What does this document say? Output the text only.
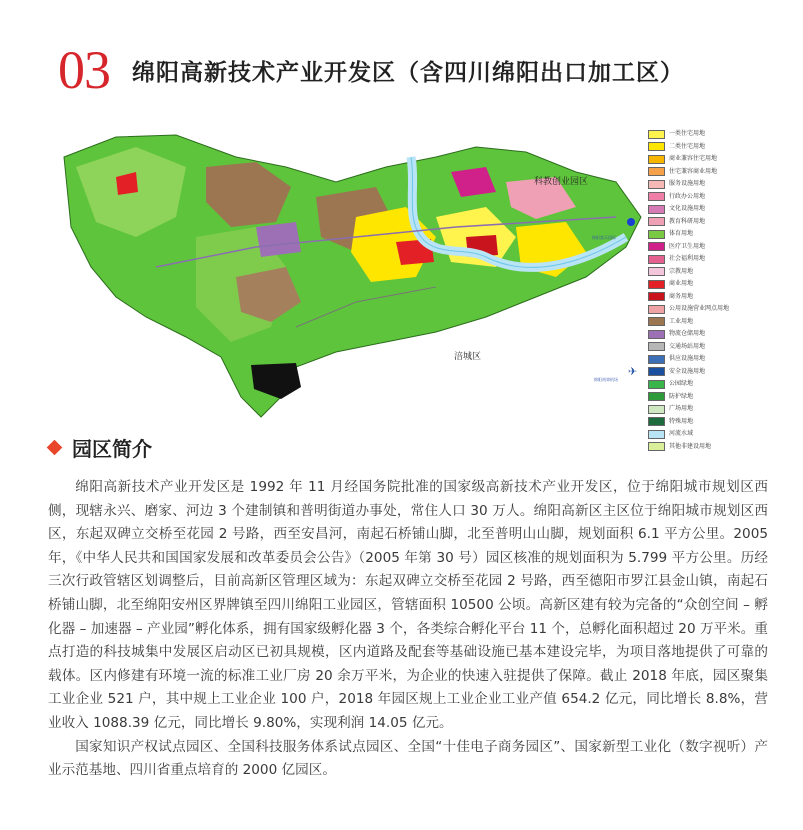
03 绵阳高新技术产业开发区（含四川绵阳出口加工区）
科教创业园区
涪城区
绵阳富乐国际
绵阳南郊机场
✈
一类住宅用地
二类住宅用地
商业兼容住宅用地
住宅兼容商业用地
服务设施用地
行政办公用地
文化设施用地
教育科研用地
体育用地
医疗卫生用地
社会福利用地
宗教用地
商业用地
商务用地
公用设施营业网点用地
工业用地
物流仓储用地
交通场站用地
供应设施用地
安全设施用地
公园绿地
防护绿地
广场用地
特殊用地
河流水域
其他非建设用地
园区简介

绵阳高新技术产业开发区是 1992 年 11 月经国务院批准的国家级高新技术产业开发区，位于绵阳城市规划区西侧，现辖永兴、磨家、河边 3 个建制镇和普明街道办事处，常住人口 30 万人。绵阳高新区主区位于绵阳城市规划区西区，东起双碑立交桥至花园 2 号路，西至安昌河，南起石桥铺山脚，北至普明山山脚，规划面积 6.1 平方公里。2005 年，《中华人民共和国国家发展和改革委员会公告》（2005 年第 30 号）园区核准的规划面积为 5.799 平方公里。历经三次行政管辖区划调整后，目前高新区管理区域为：东起双碑立交桥至花园 2 号路，西至德阳市罗江县金山镇，南起石桥铺山脚，北至绵阳安州区界牌镇至四川绵阳工业园区，管辖面积 10500 公顷。高新区建有较为完备的“众创空间 – 孵化器 – 加速器 – 产业园”孵化体系，拥有国家级孵化器 3 个，各类综合孵化平台 11 个，总孵化面积超过 20 万平米。重点打造的科技城集中发展区启动区已初具规模，区内道路及配套等基础设施已基本建设完毕，为项目落地提供了可靠的载体。区内修建有环境一流的标准工业厂房 20 余万平米，为企业的快速入驻提供了保障。截止 2018 年底，园区聚集工业企业 521 户，其中规上工业企业 100 户，2018 年园区规上工业企业工业产值 654.2 亿元，同比增长 8.8%，营业收入 1088.39 亿元，同比增长 9.80%，实现利润 14.05 亿元。

国家知识产权试点园区、全国科技服务体系试点园区、全国“十佳电子商务园区”、国家新型工业化（数字视听）产业示范基地、四川省重点培育的 2000 亿园区。
